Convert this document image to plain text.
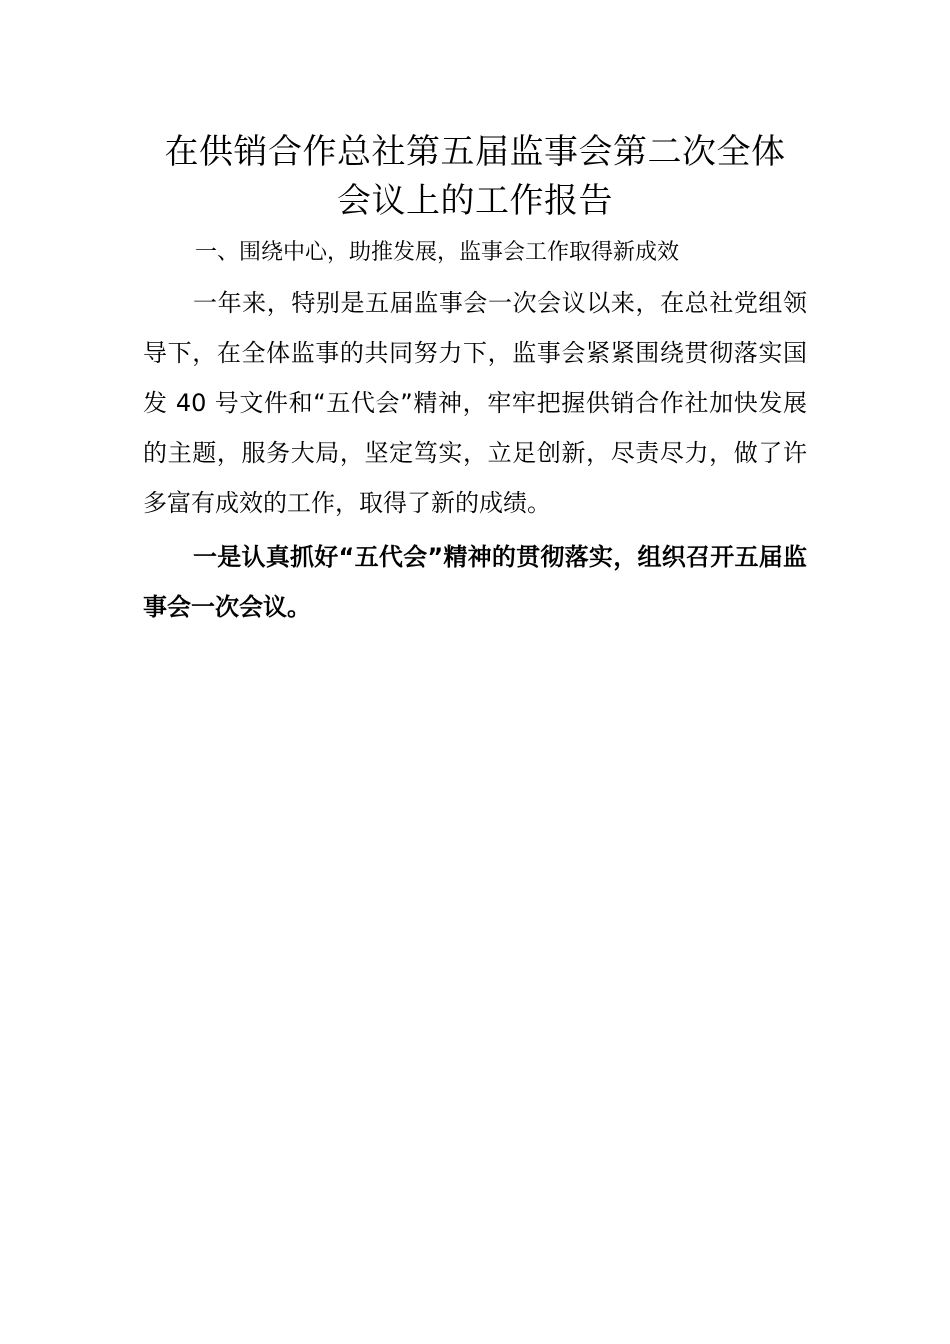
在供销合作总社第五届监事会第二次全体
会议上的工作报告

一、围绕中心，助推发展，监事会工作取得新成效

一年来，特别是五届监事会一次会议以来，在总社党组领导下，在全体监事的共同努力下，监事会紧紧围绕贯彻落实国发 40 号文件和“五代会”精神，牢牢把握供销合作社加快发展的主题，服务大局，坚定笃实，立足创新，尽责尽力，做了许多富有成效的工作，取得了新的成绩。

一是认真抓好“五代会”精神的贯彻落实，组织召开五届监事会一次会议。
